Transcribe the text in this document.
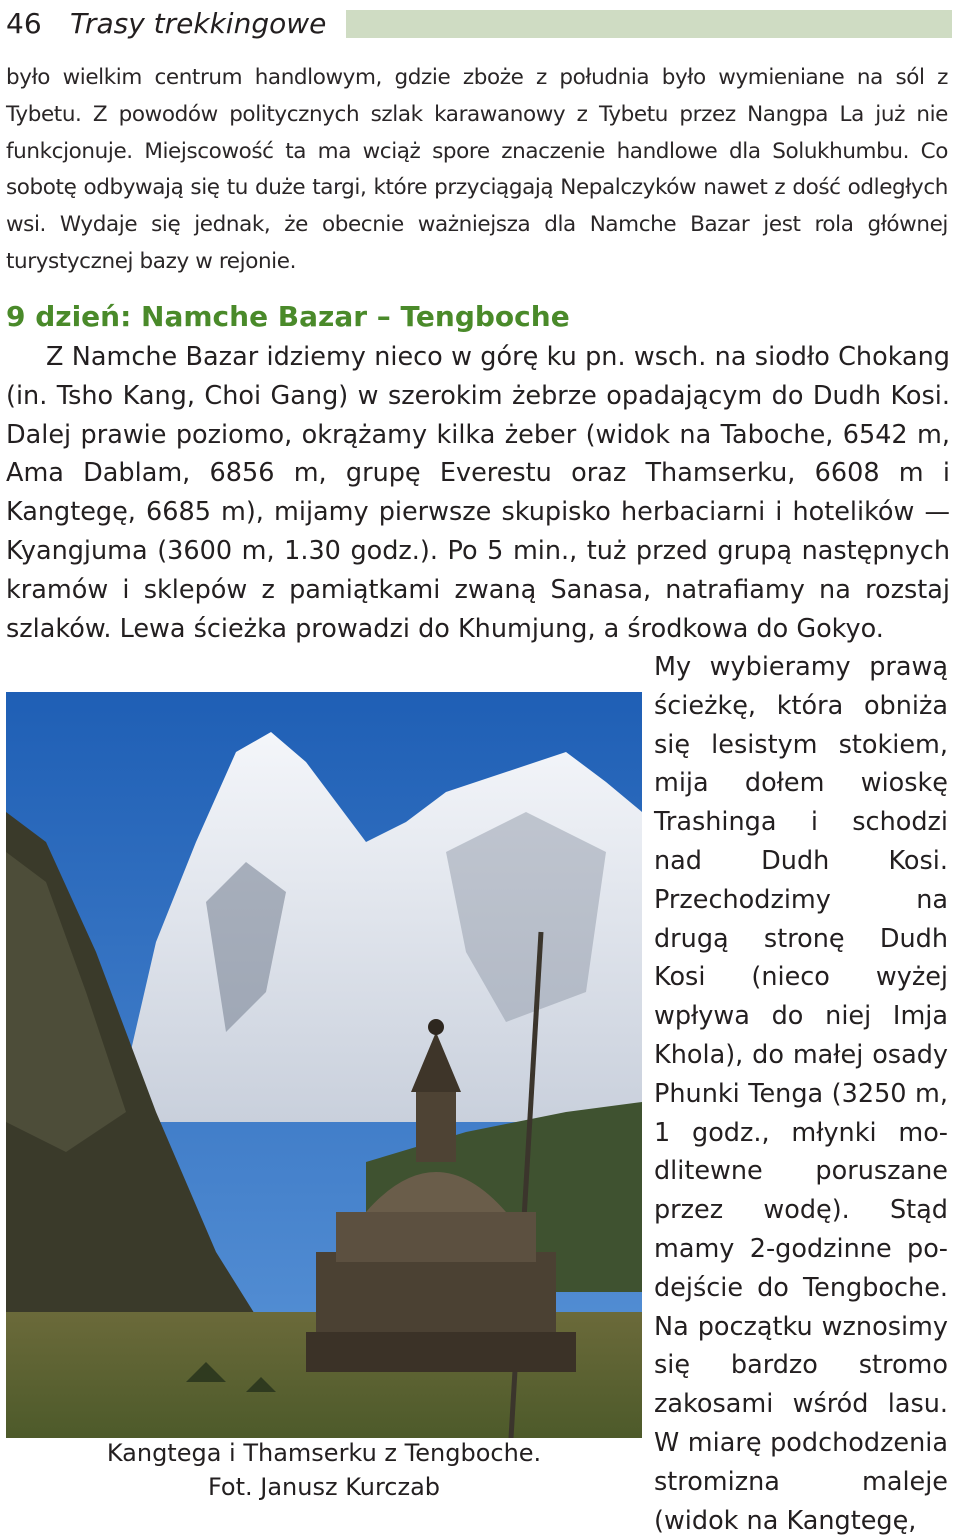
46 Trasy trekkingowe

było wielkim centrum handlowym, gdzie zboże z południa było wymieniane na sól z Tybetu. Z powodów politycznych szlak karawanowy z Tybetu przez Nangpa La już nie funkcjonuje. Miejscowość ta ma wciąż spore znaczenie handlowe dla Solukhumbu. Co sobotę odbywają się tu duże targi, które przyciągają Nepalczyków nawet z dość odległych wsi. Wydaje się jednak, że obecnie ważniejsza dla Namche Bazar jest rola głównej turystycznej bazy w rejonie.

9 dzień: Namche Bazar – Tengboche

Z Namche Bazar idziemy nieco w górę ku pn. wsch. na siodło Chokang (in. Tsho Kang, Choi Gang) w szerokim żebrze opadającym do Dudh Kosi. Dalej prawie poziomo, okrążamy kilka żeber (widok na Taboche, 6542 m, Ama Dablam, 6856 m, grupę Everestu oraz Thamserku, 6608 m i Kangtegę, 6685 m), mijamy pierwsze skupisko herbaciarni i hotelików — Kyangjuma (3600 m, 1.30 godz.). Po 5 min., tuż przed grupą następnych kramów i sklepów z pamiątkami zwaną Sanasa, natrafiamy na rozstaj szlaków. Lewa ścieżka prowadzi do Khumjung, a środkowa do Gokyo.

Kangtega i Thamserku z Tengboche.
Fot. Janusz Kurczab

My wybieramy prawą ścieżkę, która obniża się lesistym stokiem, mija dołem wioskę Trashinga i schodzi nad Dudh Kosi. Przechodzimy na drugą stronę Dudh Kosi (nieco wyżej wpływa do niej Imja Khola), do małej osady Phunki Tenga (3250 m, 1 godz., młynki modlitewne poruszane przez wodę). Stąd mamy 2-godzinne podejście do Tengboche. Na początku wznosimy się bardzo stromo zakosami wśród lasu. W miarę podchodzenia stromizna maleje (widok na Kangtegę,
